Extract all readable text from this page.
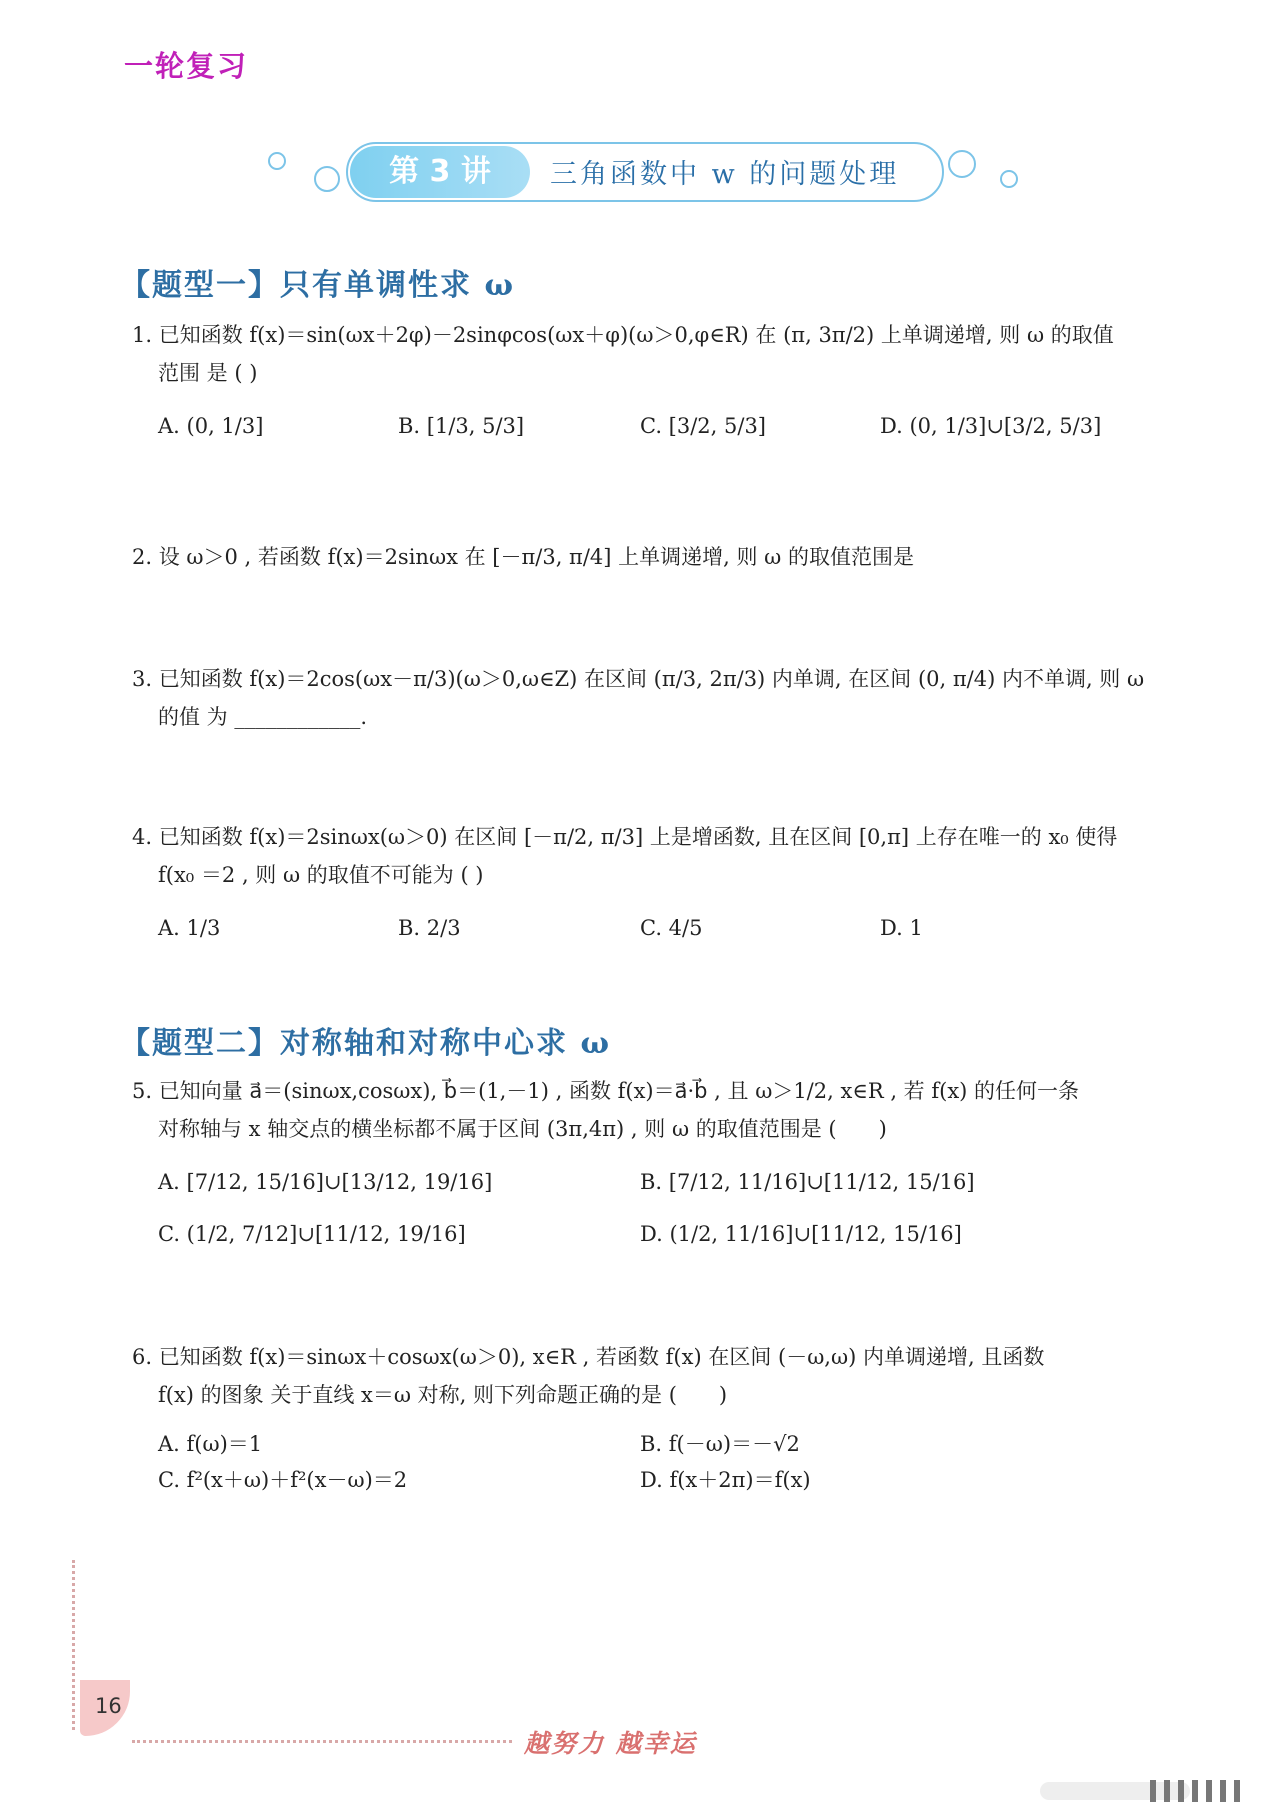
一轮复习
第 3 讲	三角函数中 w 的问题处理
【题型一】只有单调性求 ω
1. 已知函数 f(x)＝sin(ωx＋2φ)－2sinφcos(ωx＋φ)(ω＞0,φ∈R) 在 (π, 3π/2) 上单调递增, 则 ω 的取值
范围 是 ( )
A. (0, 1/3]	B. [1/3, 5/3]	C. [3/2, 5/3]	D. (0, 1/3]∪[3/2, 5/3]
2. 设 ω＞0 , 若函数 f(x)＝2sinωx 在 [－π/3, π/4] 上单调递增, 则 ω 的取值范围是
3. 已知函数 f(x)＝2cos(ωx－π/3)(ω＞0,ω∈Z) 在区间 (π/3, 2π/3) 内单调, 在区间 (0, π/4) 内不单调, 则 ω
的值 为 ____________.
4. 已知函数 f(x)＝2sinωx(ω＞0) 在区间 [－π/2, π/3] 上是增函数, 且在区间 [0,π] 上存在唯一的 x₀ 使得
f(x₀ ＝2 , 则 ω 的取值不可能为 ( )
A. 1/3	B. 2/3	C. 4/5	D. 1
【题型二】对称轴和对称中心求 ω
5. 已知向量 a⃗＝(sinωx,cosωx), b⃗＝(1,－1) , 函数 f(x)＝a⃗·b⃗ , 且 ω＞1/2, x∈R , 若 f(x) 的任何一条
对称轴与 x 轴交点的横坐标都不属于区间 (3π,4π) , 则 ω 的取值范围是 (　　)
A. [7/12, 15/16]∪[13/12, 19/16]	B. [7/12, 11/16]∪[11/12, 15/16]
C. (1/2, 7/12]∪[11/12, 19/16]	D. (1/2, 11/16]∪[11/12, 15/16]
6. 已知函数 f(x)＝sinωx＋cosωx(ω＞0), x∈R , 若函数 f(x) 在区间 (－ω,ω) 内单调递增, 且函数
f(x) 的图象 关于直线 x＝ω 对称, 则下列命题正确的是 (　　)
A. f(ω)＝1	B. f(－ω)＝－√2
C. f²(x＋ω)＋f²(x－ω)＝2	D. f(x＋2π)＝f(x)
16
越努力 越幸运
